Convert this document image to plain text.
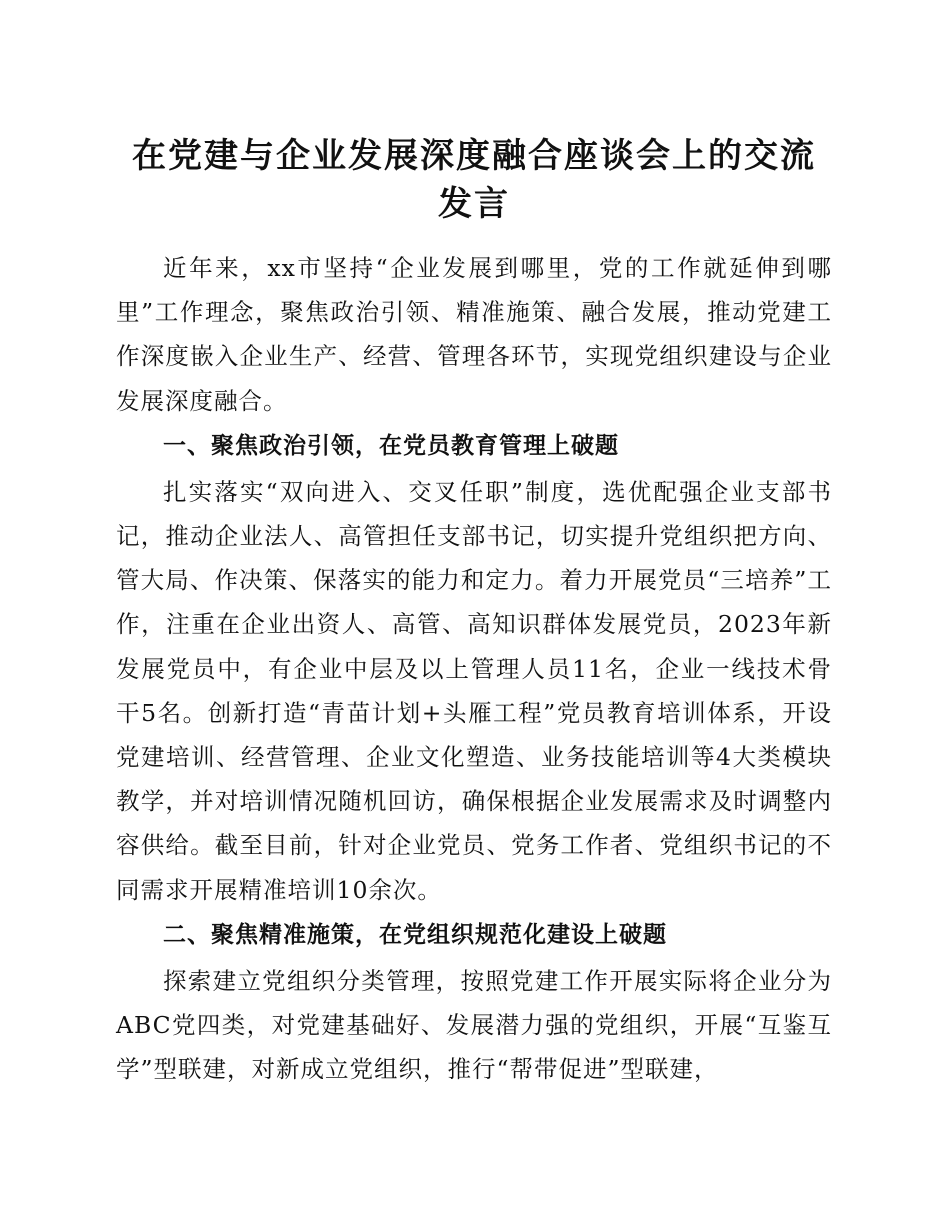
在党建与企业发展深度融合座谈会上的交流发言

近年来，xx市坚持“企业发展到哪里，党的工作就延伸到哪里”工作理念，聚焦政治引领、精准施策、融合发展，推动党建工作深度嵌入企业生产、经营、管理各环节，实现党组织建设与企业发展深度融合。

一、聚焦政治引领，在党员教育管理上破题

扎实落实“双向进入、交叉任职”制度，选优配强企业支部书记，推动企业法人、高管担任支部书记，切实提升党组织把方向、管大局、作决策、保落实的能力和定力。着力开展党员“三培养”工作，注重在企业出资人、高管、高知识群体发展党员，2023年新发展党员中，有企业中层及以上管理人员11名，企业一线技术骨干5名。创新打造“青苗计划+头雁工程”党员教育培训体系，开设党建培训、经营管理、企业文化塑造、业务技能培训等4大类模块教学，并对培训情况随机回访，确保根据企业发展需求及时调整内容供给。截至目前，针对企业党员、党务工作者、党组织书记的不同需求开展精准培训10余次。

二、聚焦精准施策，在党组织规范化建设上破题

探索建立党组织分类管理，按照党建工作开展实际将企业分为ABC党四类，对党建基础好、发展潜力强的党组织，开展“互鉴互学”型联建，对新成立党组织，推行“帮带促进”型联建，
